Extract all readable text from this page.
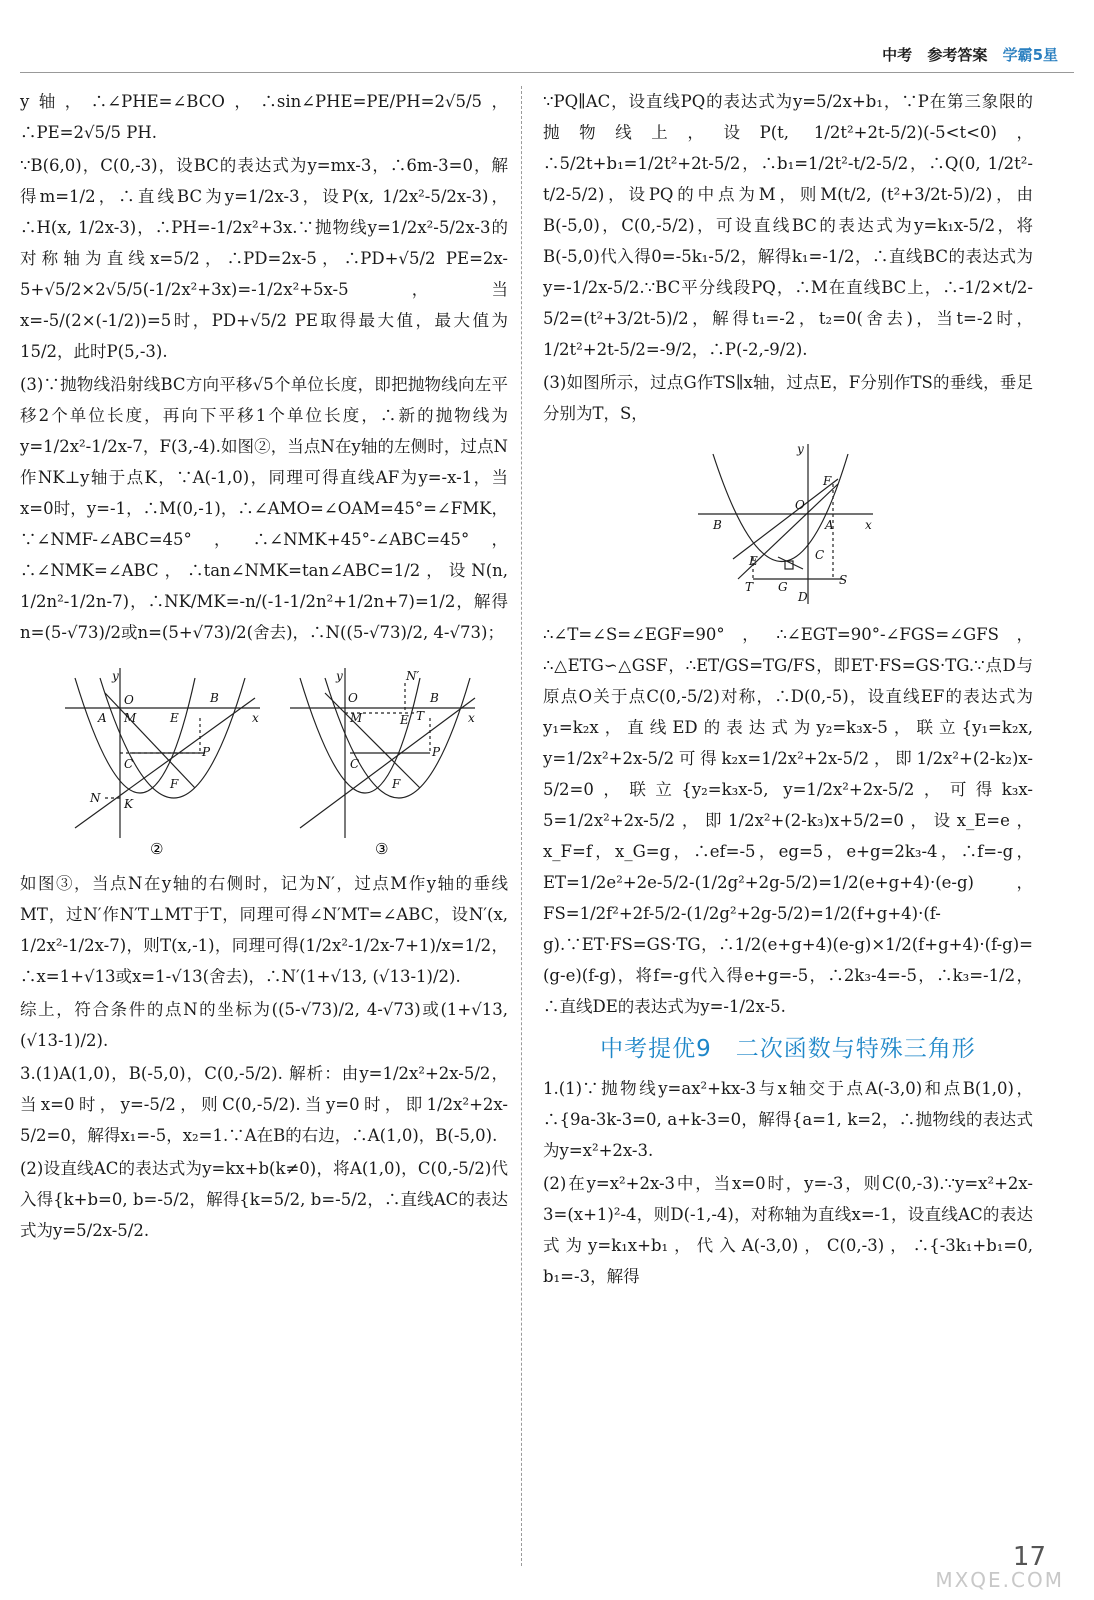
中考 参考答案 学霸5星

y轴，∴∠PHE=∠BCO，∴sin∠PHE=PE/PH=2√5/5，∴PE=2√5/5 PH.

∵B(6,0)，C(0,-3)，设BC的表达式为y=mx-3，∴6m-3=0，解得m=1/2，∴直线BC为y=1/2x-3，设P(x, 1/2x²-5/2x-3)，∴H(x, 1/2x-3)，∴PH=-1/2x²+3x.∵抛物线y=1/2x²-5/2x-3的对称轴为直线x=5/2，∴PD=2x-5，∴PD+√5/2 PE=2x-5+√5/2×2√5/5(-1/2x²+3x)=-1/2x²+5x-5，当x=-5/(2×(-1/2))=5时，PD+√5/2 PE取得最大值，最大值为15/2，此时P(5,-3).

(3)∵抛物线沿射线BC方向平移√5个单位长度，即把抛物线向左平移2个单位长度，再向下平移1个单位长度，∴新的抛物线为y=1/2x²-1/2x-7，F(3,-4).如图②，当点N在y轴的左侧时，过点N作NK⊥y轴于点K，∵A(-1,0)，同理可得直线AF为y=-x-1，当x=0时，y=-1，∴M(0,-1)，∴∠AMO=∠OAM=45°=∠FMK，∵∠NMF-∠ABC=45°，∴∠NMK+45°-∠ABC=45°，∴∠NMK=∠ABC，∴tan∠NMK=tan∠ABC=1/2，设N(n, 1/2n²-1/2n-7)，∴NK/MK=-n/(-1-1/2n²+1/2n+7)=1/2，解得n=(5-√73)/2或n=(5+√73)/2(舍去)，∴N((5-√73)/2, 4-√73)；

y
O	B
A M	E	x
C
P
N K
F
y	N′
O	B
M	E T	x
C
P
F
②	③

如图③，当点N在y轴的右侧时，记为N′，过点M作y轴的垂线MT，过N′作N′T⊥MT于T，同理可得∠N′MT=∠ABC，设N′(x, 1/2x²-1/2x-7)，则T(x,-1)，同理可得(1/2x²-1/2x-7+1)/x=1/2，∴x=1+√13或x=1-√13(舍去)，∴N′(1+√13, (√13-1)/2).

综上，符合条件的点N的坐标为((5-√73)/2, 4-√73)或(1+√13, (√13-1)/2).

3.(1)A(1,0)，B(-5,0)，C(0,-5/2). 解析：由y=1/2x²+2x-5/2，当x=0时，y=-5/2，则C(0,-5/2).当y=0时，即1/2x²+2x-5/2=0，解得x₁=-5，x₂=1.∵A在B的右边，∴A(1,0)，B(-5,0).

(2)设直线AC的表达式为y=kx+b(k≠0)，将A(1,0)，C(0,-5/2)代入得{k+b=0, b=-5/2，解得{k=5/2, b=-5/2，∴直线AC的表达式为y=5/2x-5/2.

∵PQ∥AC，设直线PQ的表达式为y=5/2x+b₁，∵P在第三象限的抛物线上，设P(t, 1/2t²+2t-5/2)(-5<t<0)，∴5/2t+b₁=1/2t²+2t-5/2，∴b₁=1/2t²-t/2-5/2，∴Q(0, 1/2t²-t/2-5/2)，设PQ的中点为M，则M(t/2, (t²+3/2t-5)/2)，由B(-5,0)，C(0,-5/2)，可设直线BC的表达式为y=k₁x-5/2，将B(-5,0)代入得0=-5k₁-5/2，解得k₁=-1/2，∴直线BC的表达式为y=-1/2x-5/2.∵BC平分线段PQ，∴M在直线BC上，∴-1/2×t/2-5/2=(t²+3/2t-5)/2，解得t₁=-2，t₂=0(舍去)，当t=-2时，1/2t²+2t-5/2=-9/2，∴P(-2,-9/2).

(3)如图所示，过点G作TS∥x轴，过点E，F分别作TS的垂线，垂足分别为T，S，

y
F
O
B	A	x
E	C
T G	S
D

∴∠T=∠S=∠EGF=90°，∴∠EGT=90°-∠FGS=∠GFS，∴△ETG∽△GSF，∴ET/GS=TG/FS，即ET·FS=GS·TG.∵点D与原点O关于点C(0,-5/2)对称，∴D(0,-5)，设直线EF的表达式为y₁=k₂x，直线ED的表达式为y₂=k₃x-5，联立{y₁=k₂x, y=1/2x²+2x-5/2可得k₂x=1/2x²+2x-5/2，即1/2x²+(2-k₂)x-5/2=0，联立{y₂=k₃x-5, y=1/2x²+2x-5/2，可得k₃x-5=1/2x²+2x-5/2，即1/2x²+(2-k₃)x+5/2=0，设x_E=e，x_F=f，x_G=g，∴ef=-5，eg=5，e+g=2k₃-4，∴f=-g，ET=1/2e²+2e-5/2-(1/2g²+2g-5/2)=1/2(e+g+4)·(e-g)，FS=1/2f²+2f-5/2-(1/2g²+2g-5/2)=1/2(f+g+4)·(f-g).∵ET·FS=GS·TG，∴1/2(e+g+4)(e-g)×1/2(f+g+4)·(f-g)=(g-e)(f-g)，将f=-g代入得e+g=-5，∴2k₃-4=-5，∴k₃=-1/2，∴直线DE的表达式为y=-1/2x-5.

中考提优9　二次函数与特殊三角形

1.(1)∵抛物线y=ax²+kx-3与x轴交于点A(-3,0)和点B(1,0)，∴{9a-3k-3=0, a+k-3=0，解得{a=1, k=2，∴抛物线的表达式为y=x²+2x-3.

(2)在y=x²+2x-3中，当x=0时，y=-3，则C(0,-3).∵y=x²+2x-3=(x+1)²-4，则D(-1,-4)，对称轴为直线x=-1，设直线AC的表达式为y=k₁x+b₁，代入A(-3,0)，C(0,-3)，∴{-3k₁+b₁=0, b₁=-3，解得

17
MXQE.COM
